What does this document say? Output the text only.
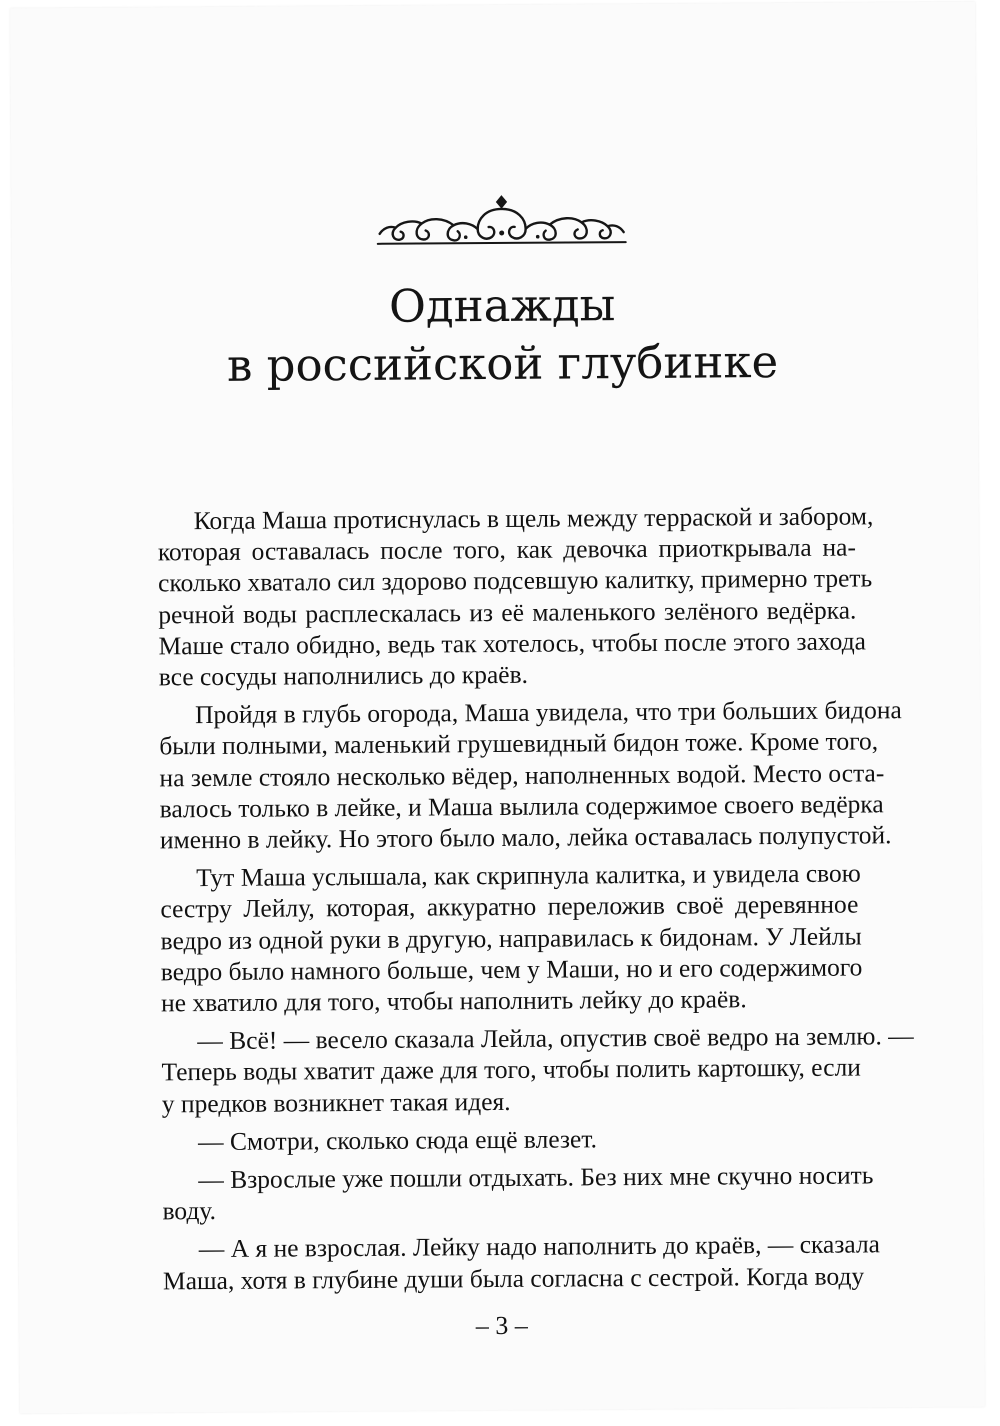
Однажды
в российской глубинке
Когда Маша протиснулась в щель между терраской и забором,
которая оставалась после того, как девочка приоткрывала на-
сколько хватало сил здорово подсевшую калитку, примерно треть
речной воды расплескалась из её маленького зелёного ведёрка.
Маше стало обидно, ведь так хотелось, чтобы после этого захода
все сосуды наполнились до краёв.
Пройдя в глубь огорода, Маша увидела, что три больших бидона
были полными, маленький грушевидный бидон тоже. Кроме того,
на земле стояло несколько вёдер, наполненных водой. Место оста-
валось только в лейке, и Маша вылила содержимое своего ведёрка
именно в лейку. Но этого было мало, лейка оставалась полупустой.
Тут Маша услышала, как скрипнула калитка, и увидела свою
сестру Лейлу, которая, аккуратно переложив своё деревянное
ведро из одной руки в другую, направилась к бидонам. У Лейлы
ведро было намного больше, чем у Маши, но и его содержимого
не хватило для того, чтобы наполнить лейку до краёв.
— Всё! — весело сказала Лейла, опустив своё ведро на землю. —
Теперь воды хватит даже для того, чтобы полить картошку, если
у предков возникнет такая идея.
— Смотри, сколько сюда ещё влезет.
— Взрослые уже пошли отдыхать. Без них мне скучно носить
воду.
— А я не взрослая. Лейку надо наполнить до краёв, — сказала
Маша, хотя в глубине души была согласна с сестрой. Когда воду
– 3 –
